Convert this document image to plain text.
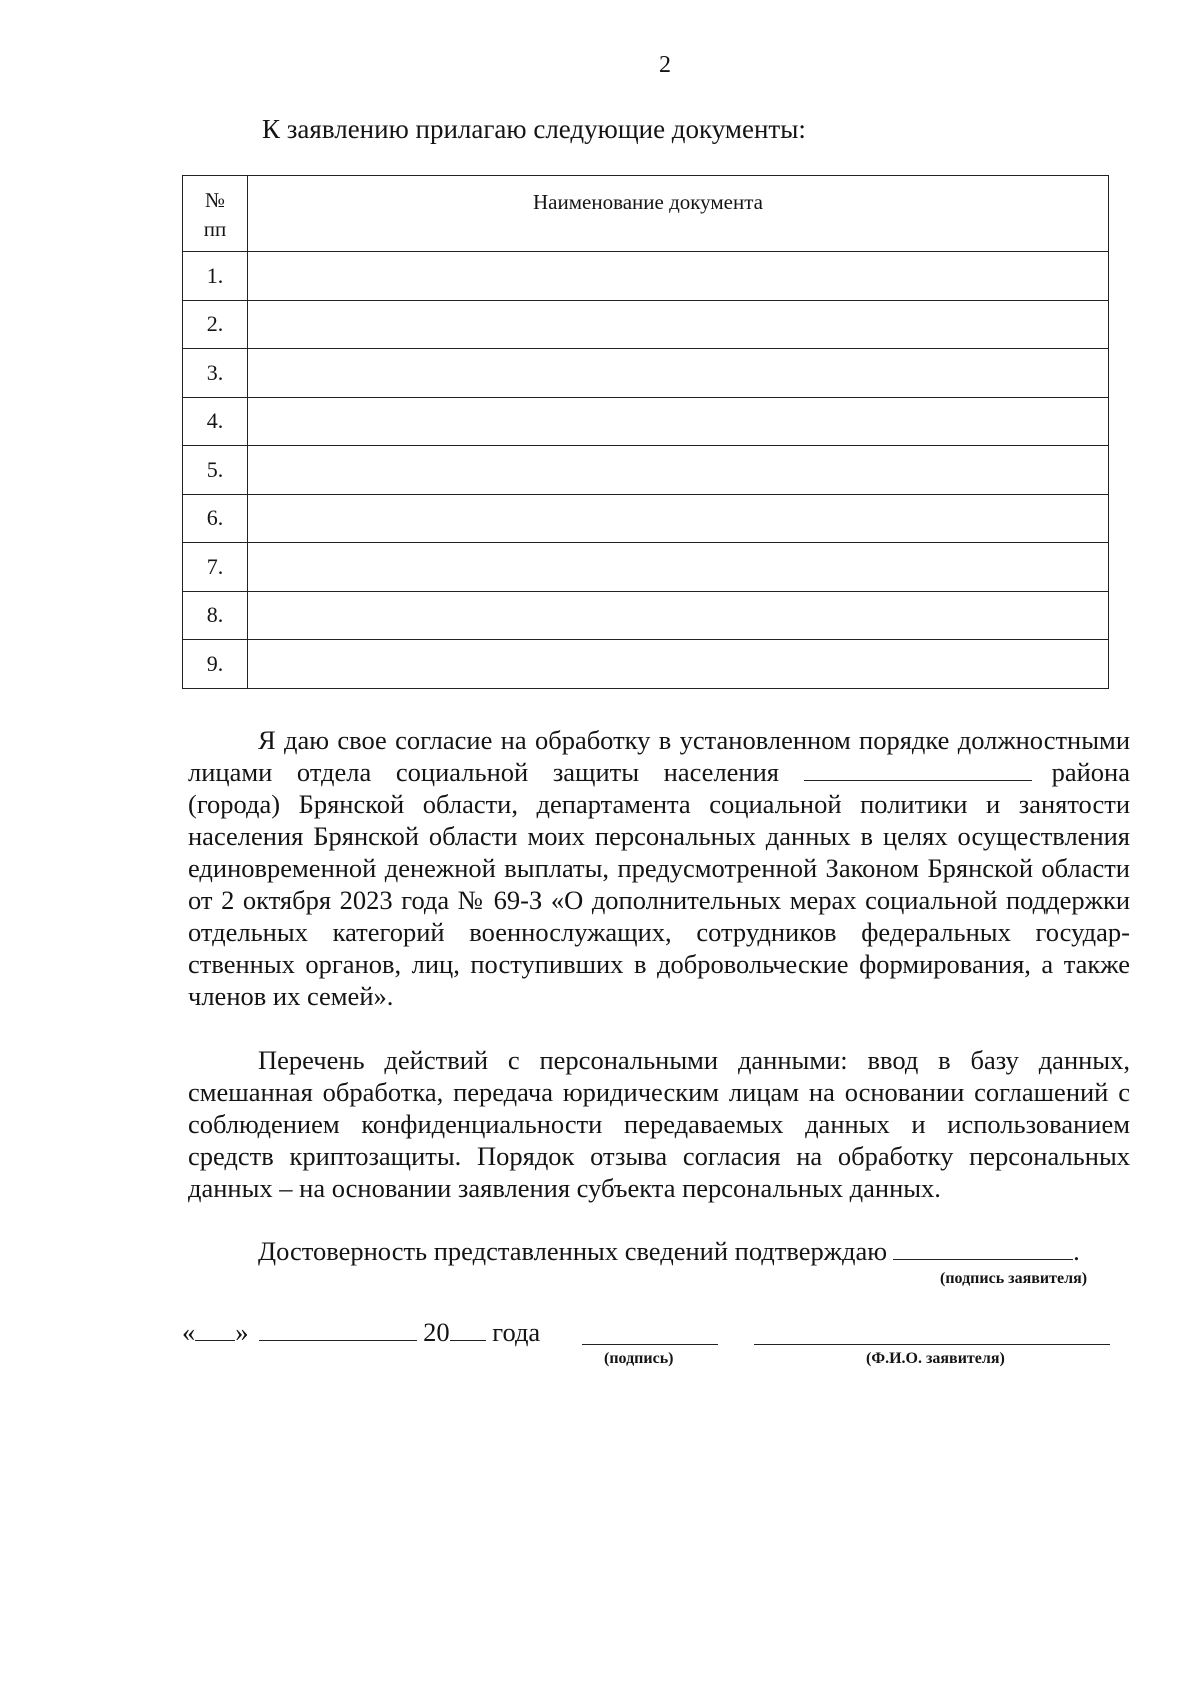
2
К заявлению прилагаю следующие документы:
№
пп	Наименование документа
1.	
2.	
3.	
4.	
5.	
6.	
7.	
8.	
9.	
Я даю свое согласие на обработку в установленном порядке должностными лицами отдела социальной защиты населения	района (города) Брянской области, департамента социальной политики и занятости населения Брянской области моих персональных данных в целях осуществления единовременной денежной выплаты, предусмотренной Законом Брянской области от 2 октября 2023 года № 69-З «О дополнительных мерах социальной поддержки отдельных категорий военнослужащих, сотрудников федеральных государственных органов, лиц, поступивших в добровольческие формирования, а также членов их семей».
Перечень действий с персональными данными: ввод в базу данных, смешанная обработка, передача юридическим лицам на основании соглашений с соблюдением конфиденциальности передаваемых данных и использованием средств криптозащиты. Порядок отзыва согласия на обработку персональных данных – на основании заявления субъекта персональных данных.
Достоверность представленных сведений подтверждаю	.
(подпись заявителя)
« »	20 года
(подпись)	(Ф.И.О. заявителя)
